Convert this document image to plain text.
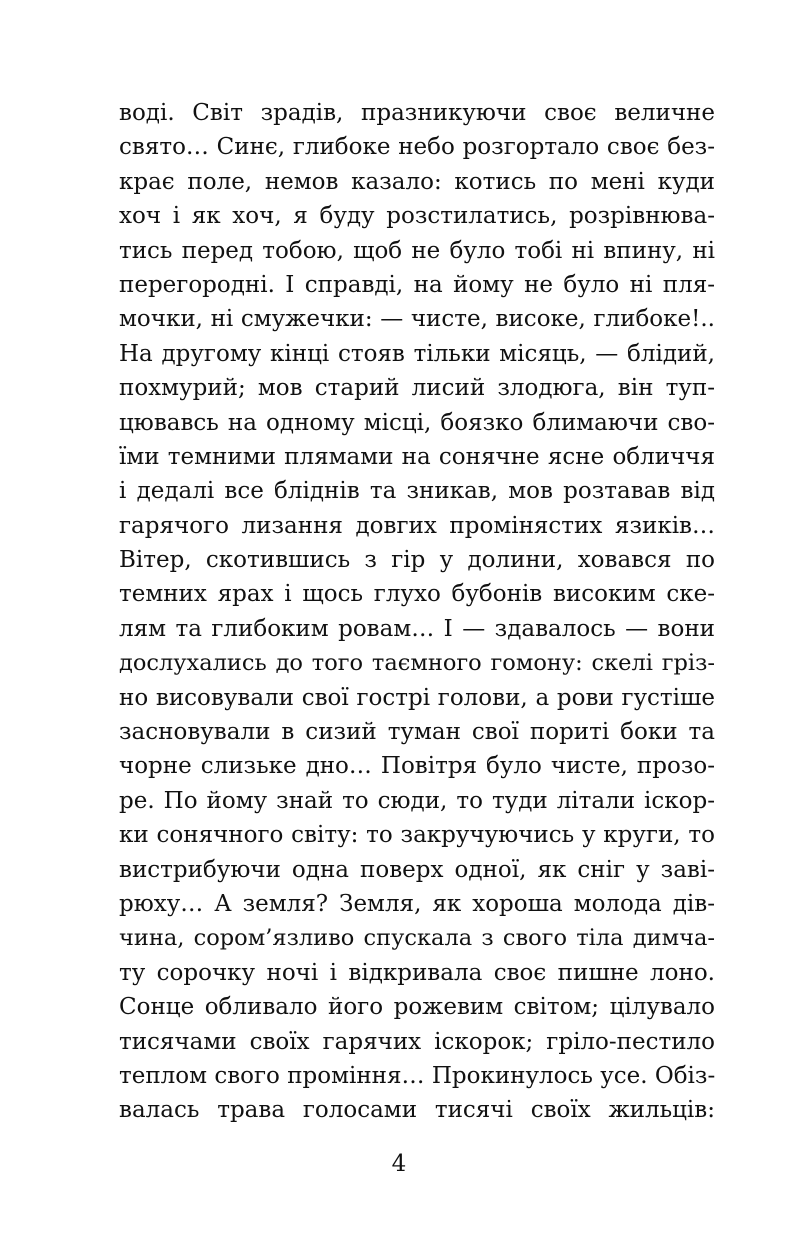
воді. Світ зрадів, празникуючи своє величне
свято… Синє, глибоке небо розгортало своє без-
крає поле, немов казало: котись по мені куди
хоч і як хоч, я буду розстилатись, розрівнюва-
тись перед тобою, щоб не було тобі ні впину, ні
перегородні. І справді, на йому не було ні пля-
мочки, ні смужечки: — чисте, високе, глибоке!..
На другому кінці стояв тільки місяць, — блідий,
похмурий; мов старий лисий злодюга, він туп-
цювавсь на одному місці, боязко блимаючи сво-
їми темними плямами на сонячне ясне обличчя
і дедалі все блiднiв та зникав, мов розтавав від
гарячого лизання довгих проміняcтих язиків…
Вітер, скотившись з гір у долини, ховався по
темних ярах і щось глухо бубонів високим ске-
лям та глибоким ровам… І — здавалось — вони
дослухались до того таємного гомону: скелі грiз-
но висовували свої гострі голови, а рови густіше
засновували в сизий туман свої пориті боки та
чорне слизьке дно… Повітря було чисте, прозо-
ре. По йому знай то сюди, то туди літали іскор-
ки сонячного світу: то закручуючись у круги, то
вистрибуючи одна поверх одної, як сніг у заві-
рюху… А земля? Земля, як хороша молода дів-
чина, сором’язливо спускала з свого тіла димча-
ту сорочку ночі і відкривала своє пишне лоно.
Сонце обливало його рожевим світом; цілувало
тисячами своїх гарячих іскорок; гріло-пестило
теплом свого проміння… Прокинулось усе. Обiз-
валась трава голосами тисячі своїх жильців:
4
